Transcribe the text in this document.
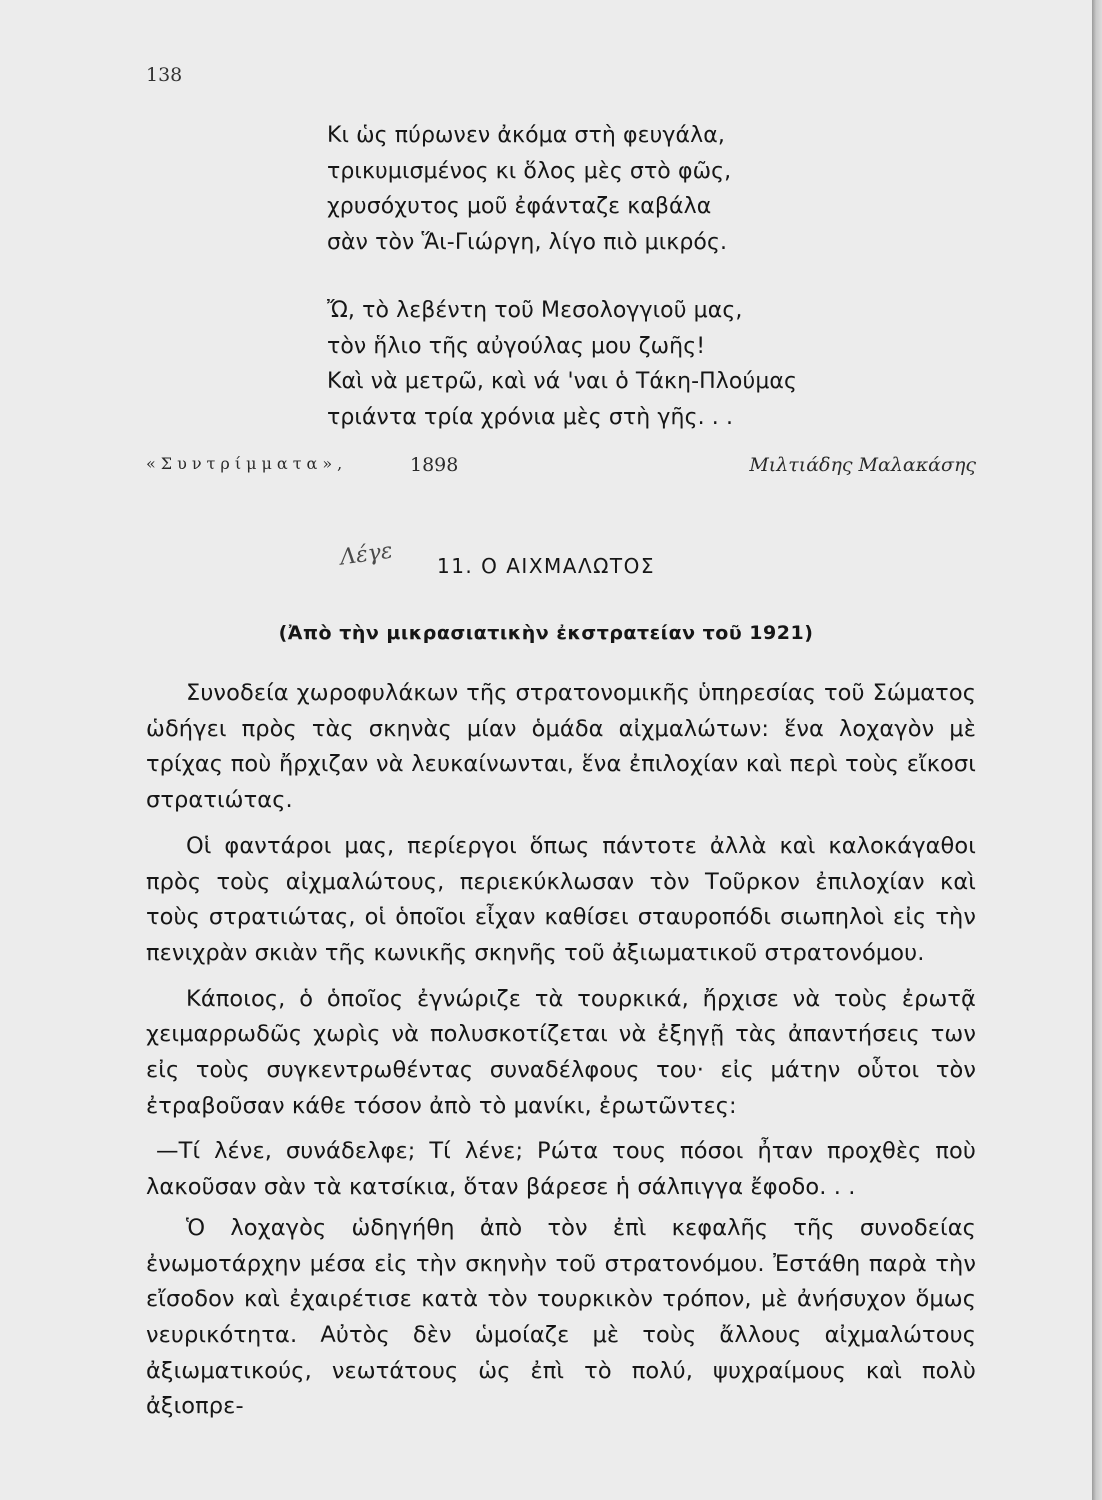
138
Κι ὡς πύρωνεν ἀκόμα στὴ φευγάλα,
τρικυμισμένος κι ὅλος μὲς στὸ φῶς,
χρυσόχυτος μοῦ ἐφάνταζε καβάλα
σὰν τὸν Ἅι-Γιώργη, λίγο πιὸ μικρός.
Ὤ, τὸ λεβέντη τοῦ Μεσολογγιοῦ μας,
τὸν ἥλιο τῆς αὐγούλας μου ζωῆς!
Καὶ νὰ μετρῶ, καὶ νά 'ναι ὁ Τάκη-Πλούμας
τριάντα τρία χρόνια μὲς στὴ γῆς. . .
«Συντρίμματα»,	1898	Μιλτιάδης Μαλακάσης
Λέγε	11. Ο ΑΙΧΜΑΛΩΤΟΣ
(Ἀπὸ τὴν μικρασιατικὴν ἐκστρατείαν τοῦ 1921)

Συνοδεία χωροφυλάκων τῆς στρατονομικῆς ὑπηρεσίας τοῦ Σώματος ὡδήγει πρὸς τὰς σκηνὰς μίαν ὁμάδα αἰχμαλώτων: ἕνα λοχαγὸν μὲ τρίχας ποὺ ἤρχιζαν νὰ λευκαίνωνται, ἕνα ἐπιλοχίαν καὶ περὶ τοὺς εἴκοσι στρατιώτας.

Οἱ φαντάροι μας, περίεργοι ὅπως πάντοτε ἀλλὰ καὶ καλοκάγαθοι πρὸς τοὺς αἰχμαλώτους, περιεκύκλωσαν τὸν Τοῦρκον ἐπιλοχίαν καὶ τοὺς στρατιώτας, οἱ ὁποῖοι εἶχαν καθίσει σταυροπόδι σιωπηλοὶ εἰς τὴν πενιχρὰν σκιὰν τῆς κωνικῆς σκηνῆς τοῦ ἀξιωματικοῦ στρατονόμου.

Κάποιος, ὁ ὁποῖος ἐγνώριζε τὰ τουρκικά, ἤρχισε νὰ τοὺς ἐρωτᾷ χειμαρρωδῶς χωρὶς νὰ πολυσκοτίζεται νὰ ἐξηγῇ τὰς ἀπαντήσεις των εἰς τοὺς συγκεντρωθέντας συναδέλφους του· εἰς μάτην οὗτοι τὸν ἐτραβοῦσαν κάθε τόσον ἀπὸ τὸ μανίκι, ἐρωτῶντες:

—Τί λένε, συνάδελφε; Τί λένε; Ρώτα τους πόσοι ἦταν προχθὲς ποὺ λακοῦσαν σὰν τὰ κατσίκια, ὅταν βάρεσε ἡ σάλπιγγα ἔφοδο. . .

Ὁ λοχαγὸς ὡδηγήθη ἀπὸ τὸν ἐπὶ κεφαλῆς τῆς συνοδείας ἐνωμοτάρχην μέσα εἰς τὴν σκηνὴν τοῦ στρατονόμου. Ἐστάθη παρὰ τὴν εἴσοδον καὶ ἐχαιρέτισε κατὰ τὸν τουρκικὸν τρόπον, μὲ ἀνήσυχον ὅμως νευρικότητα. Αὐτὸς δὲν ὡμοίαζε μὲ τοὺς ἄλλους αἰχμαλώτους ἀξιωματικούς, νεωτάτους ὡς ἐπὶ τὸ πολύ, ψυχραίμους καὶ πολὺ ἀξιοπρε-
